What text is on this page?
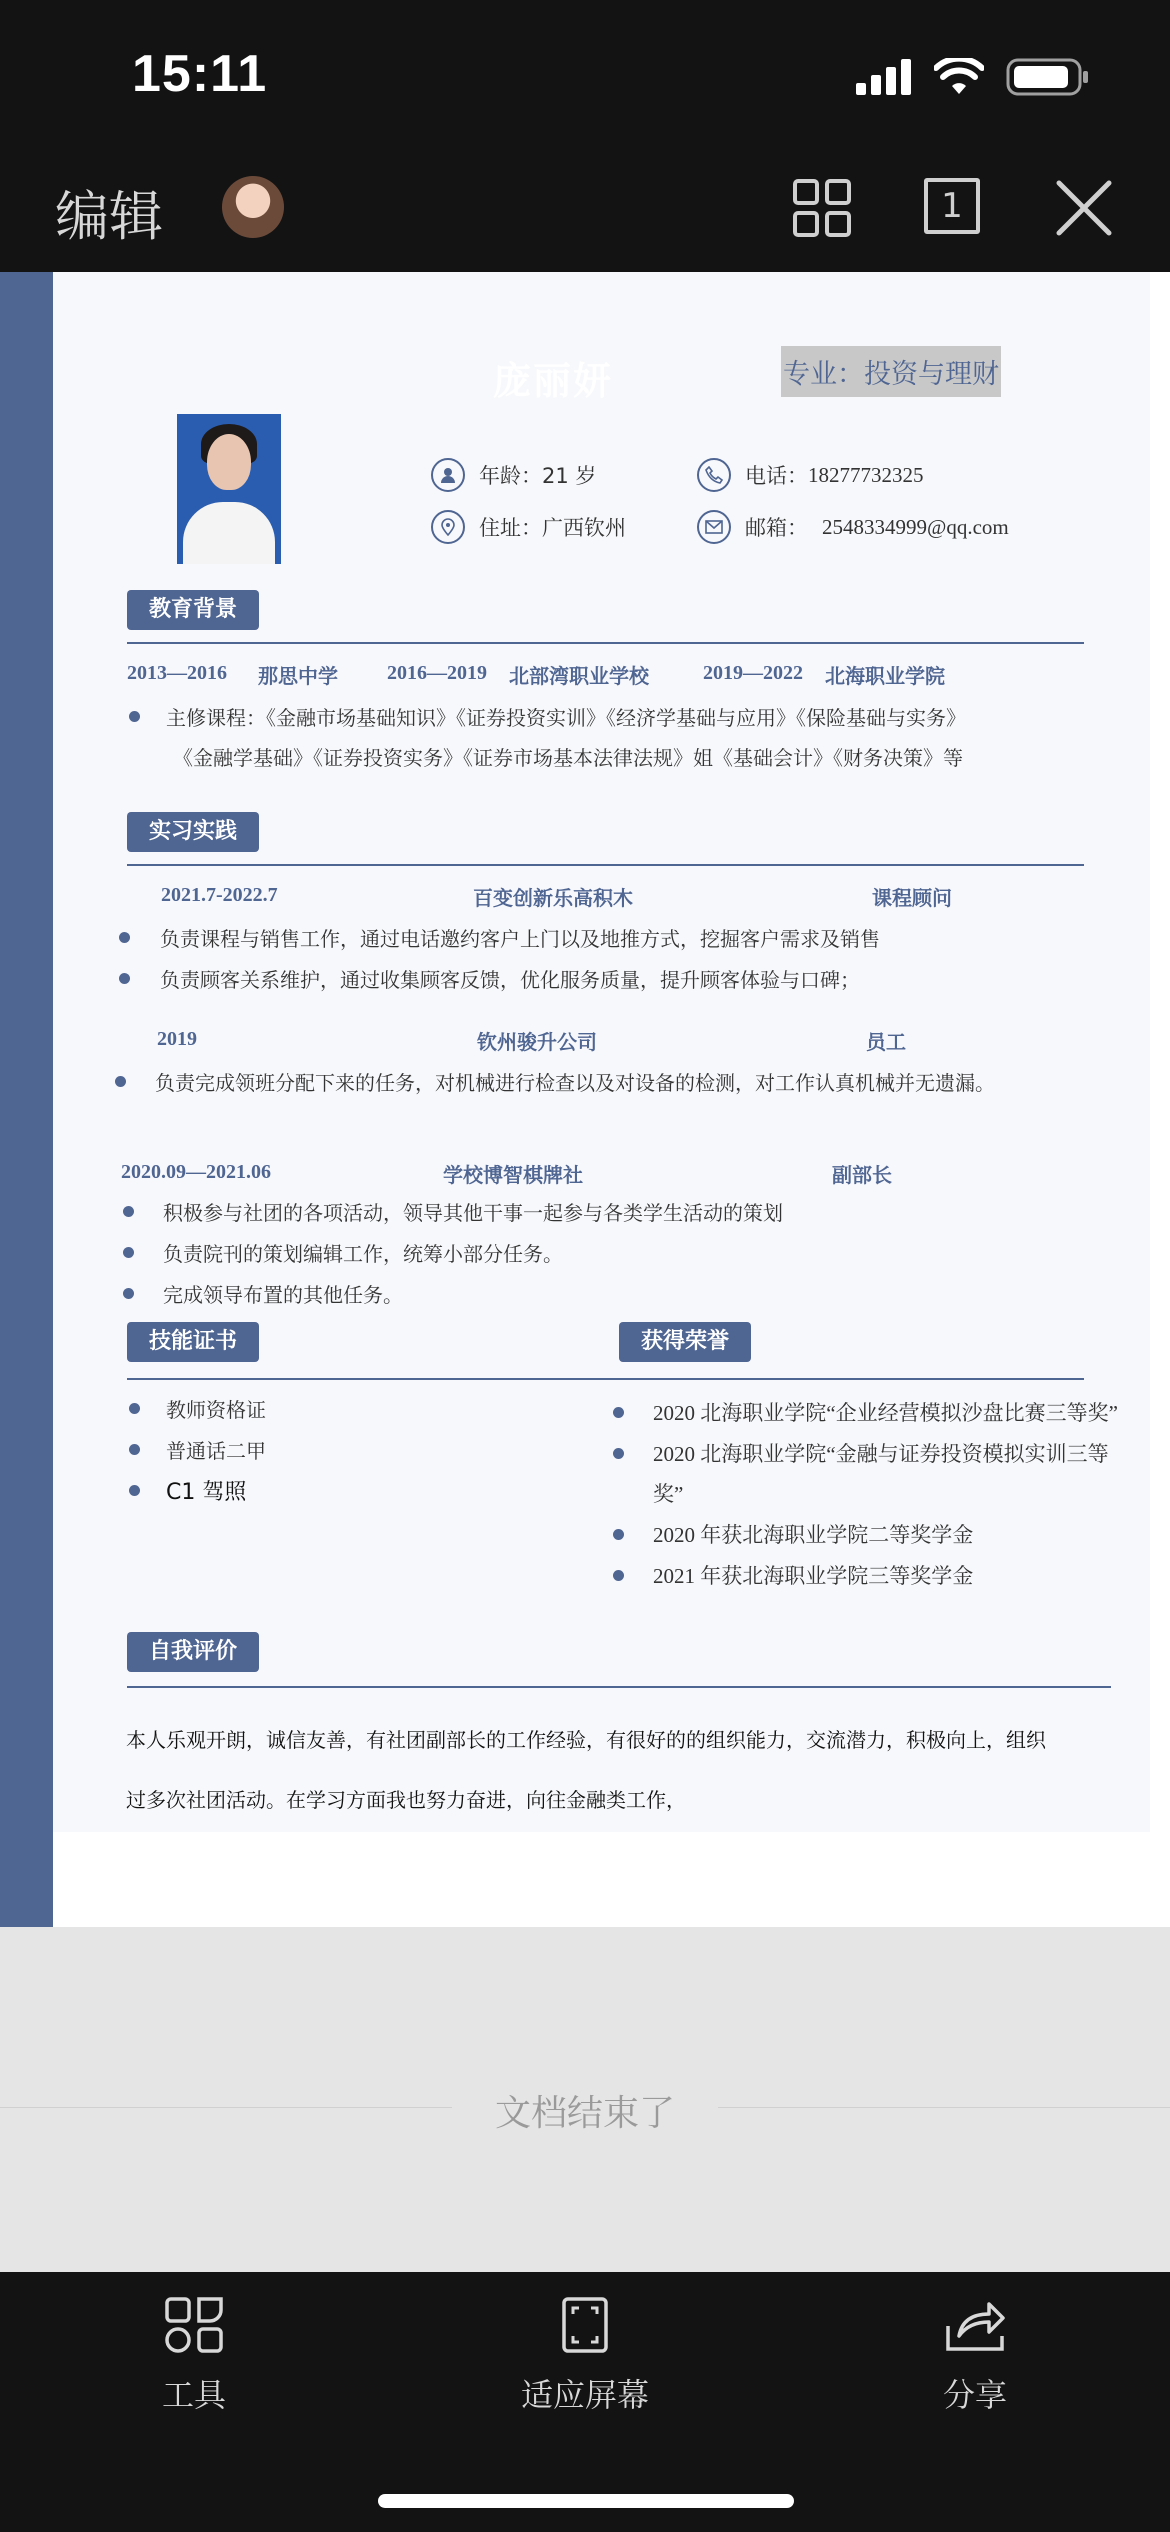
15:11
编辑	1
庞丽妍	专业：投资与理财
年龄：21 岁	电话： 18277732325
住址：广西钦州	邮箱： 2548334999@qq.com
教育背景
2013—2016 那思中学 2016—2019 北部湾职业学校	2019—2022 北海职业学院
主修课程：《金融市场基础知识》《证券投资实训》《经济学基础与应用》《保险基础与实务》
《金融学基础》《证券投资实务》《证券市场基本法律法规》姐《基础会计》《财务决策》等
实习实践
2021.7-2022.7	百变创新乐高积木	课程顾问
负责课程与销售工作，通过电话邀约客户上门以及地推方式，挖掘客户需求及销售
负责顾客关系维护，通过收集顾客反馈，优化服务质量，提升顾客体验与口碑；
2019	钦州骏升公司	员工
负责完成领班分配下来的任务，对机械进行检查以及对设备的检测，对工作认真机械并无遗漏。
2020.09—2021.06	学校博智棋牌社	副部长
积极参与社团的各项活动，领导其他干事一起参与各类学生活动的策划
负责院刊的策划编辑工作，统筹小部分任务。
完成领导布置的其他任务。
技能证书	获得荣誉
教师资格证
普通话二甲
C1 驾照
2020 北海职业学院“企业经营模拟沙盘比赛三等奖”
2020 北海职业学院“金融与证券投资模拟实训三等
奖”
2020 年获北海职业学院二等奖学金
2021 年获北海职业学院三等奖学金
自我评价
本人乐观开朗，诚信友善，有社团副部长的工作经验，有很好的的组织能力，交流潜力，积极向上，组织
过多次社团活动。在学习方面我也努力奋进，向往金融类工作，
文档结束了
工具	适应屏幕	分享
